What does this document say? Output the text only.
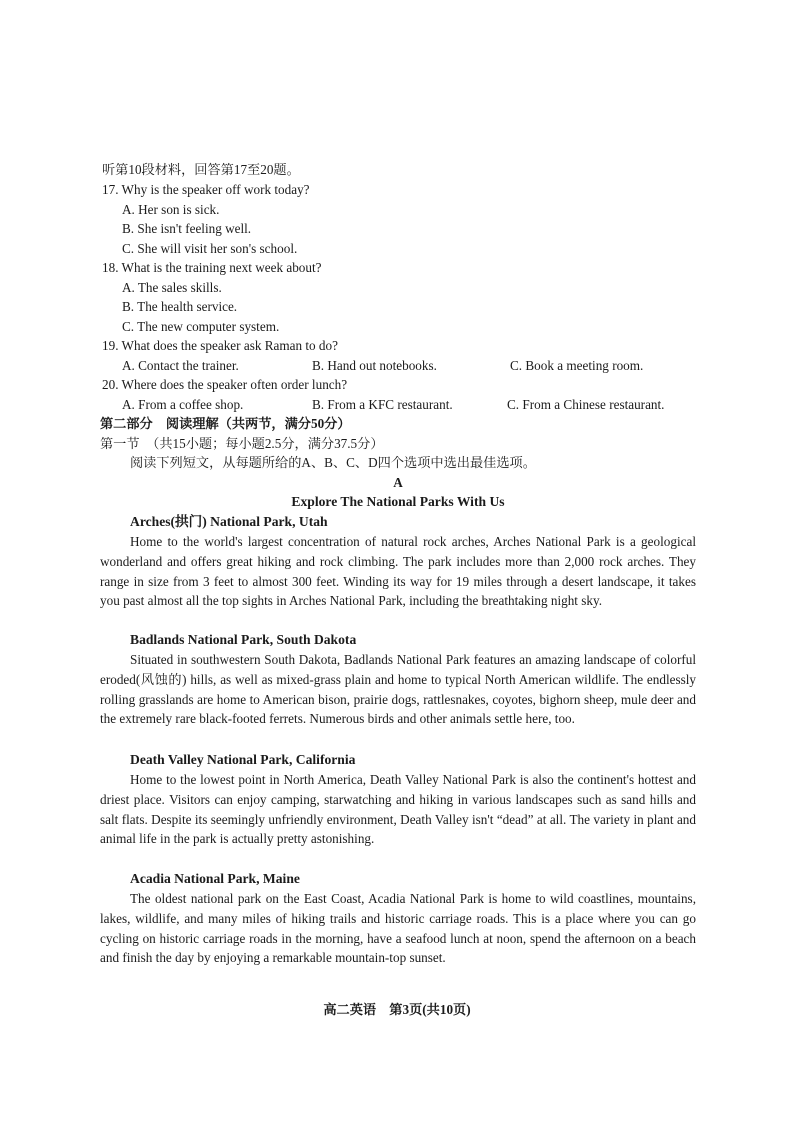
听第10段材料，回答第17至20题。
17. Why is the speaker off work today?
A. Her son is sick.
B. She isn't feeling well.
C. She will visit her son's school.
18. What is the training next week about?
A. The sales skills.
B. The health service.
C. The new computer system.
19. What does the speaker ask Raman to do?
A. Contact the trainer.	B. Hand out notebooks.	C. Book a meeting room.
20. Where does the speaker often order lunch?
A. From a coffee shop.	B. From a KFC restaurant.	C. From a Chinese restaurant.
第二部分　阅读理解（共两节，满分50分）
第一节　（共15小题；每小题2.5分，满分37.5分）
阅读下列短文，从每题所给的A、B、C、D四个选项中选出最佳选项。
A
Explore The National Parks With Us
Arches(拱门) National Park, Utah
Home to the world's largest concentration of natural rock arches, Arches National Park is a geological wonderland and offers great hiking and rock climbing. The park includes more than 2,000 rock arches. They range in size from 3 feet to almost 300 feet. Winding its way for 19 miles through a desert landscape, it takes you past almost all the top sights in Arches National Park, including the breathtaking night sky.
Badlands National Park, South Dakota
Situated in southwestern South Dakota, Badlands National Park features an amazing landscape of colorful eroded(风蚀的) hills, as well as mixed-grass plain and home to typical North American wildlife. The endlessly rolling grasslands are home to American bison, prairie dogs, rattlesnakes, coyotes, bighorn sheep, mule deer and the extremely rare black-footed ferrets. Numerous birds and other animals settle here, too.
Death Valley National Park, California
Home to the lowest point in North America, Death Valley National Park is also the continent's hottest and driest place. Visitors can enjoy camping, starwatching and hiking in various landscapes such as sand hills and salt flats. Despite its seemingly unfriendly environment, Death Valley isn't “dead” at all. The variety in plant and animal life in the park is actually pretty astonishing.
Acadia National Park, Maine
The oldest national park on the East Coast, Acadia National Park is home to wild coastlines, mountains, lakes, wildlife, and many miles of hiking trails and historic carriage roads. This is a place where you can go cycling on historic carriage roads in the morning, have a seafood lunch at noon, spend the afternoon on a beach and finish the day by enjoying a remarkable mountain-top sunset.
高二英语　第3页(共10页)
